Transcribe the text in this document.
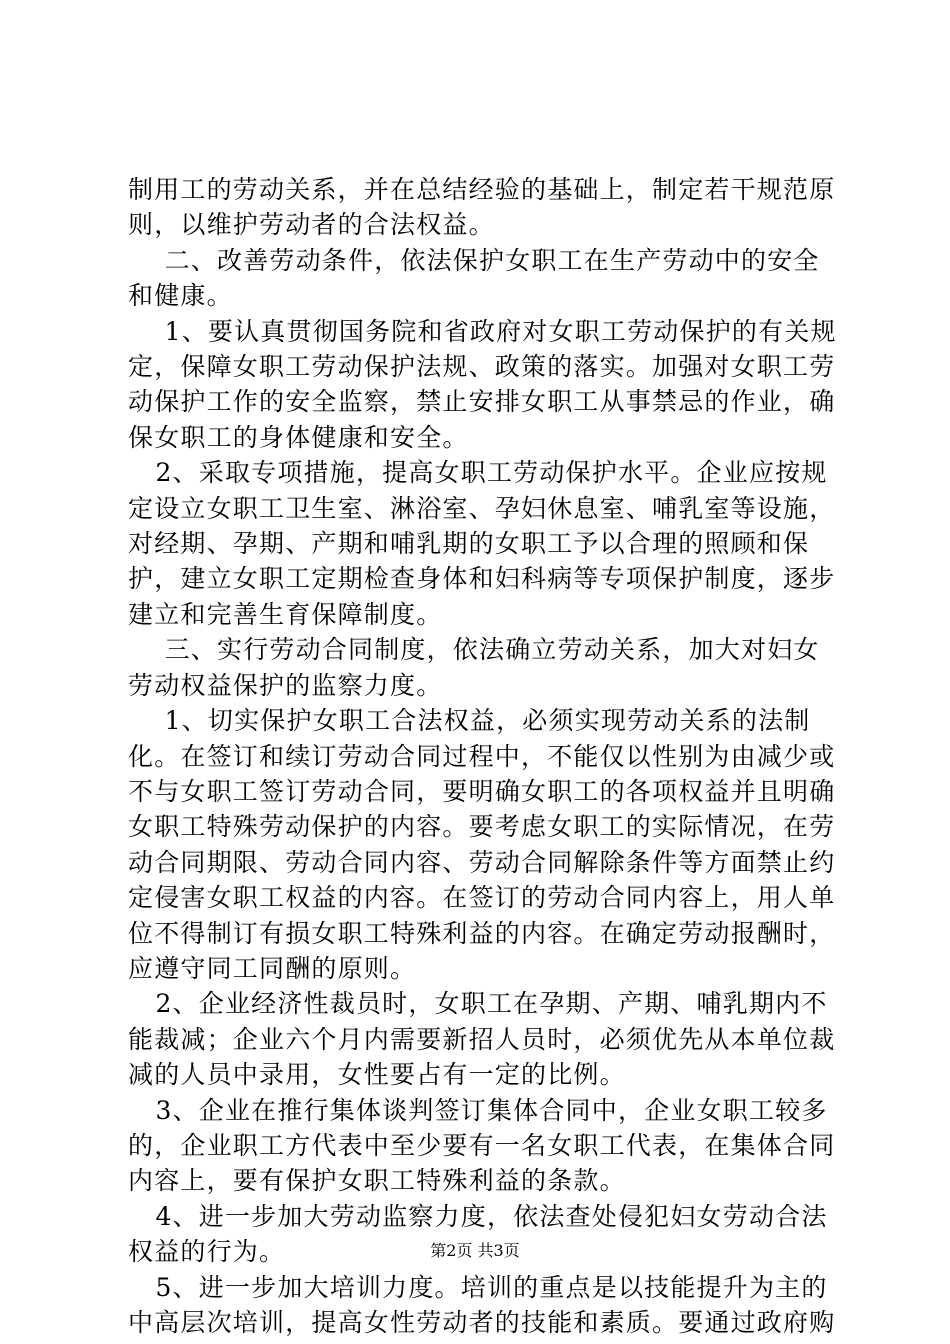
制用工的劳动关系，并在总结经验的基础上，制定若干规范原则，以维护劳动者的合法权益。

二、改善劳动条件，依法保护女职工在生产劳动中的安全和健康。

1、要认真贯彻国务院和省政府对女职工劳动保护的有关规定，保障女职工劳动保护法规、政策的落实。加强对女职工劳动保护工作的安全监察，禁止安排女职工从事禁忌的作业，确保女职工的身体健康和安全。

2、采取专项措施，提高女职工劳动保护水平。企业应按规定设立女职工卫生室、淋浴室、孕妇休息室、哺乳室等设施，对经期、孕期、产期和哺乳期的女职工予以合理的照顾和保护，建立女职工定期检查身体和妇科病等专项保护制度，逐步建立和完善生育保障制度。

三、实行劳动合同制度，依法确立劳动关系，加大对妇女劳动权益保护的监察力度。

1、切实保护女职工合法权益，必须实现劳动关系的法制化。在签订和续订劳动合同过程中，不能仅以性别为由减少或不与女职工签订劳动合同，要明确女职工的各项权益并且明确女职工特殊劳动保护的内容。要考虑女职工的实际情况，在劳动合同期限、劳动合同内容、劳动合同解除条件等方面禁止约定侵害女职工权益的内容。在签订的劳动合同内容上，用人单位不得制订有损女职工特殊利益的内容。在确定劳动报酬时，应遵守同工同酬的原则。

2、企业经济性裁员时，女职工在孕期、产期、哺乳期内不能裁减；企业六个月内需要新招人员时，必须优先从本单位裁减的人员中录用，女性要占有一定的比例。

3、企业在推行集体谈判签订集体合同中，企业女职工较多的，企业职工方代表中至少要有一名女职工代表，在集体合同内容上，要有保护女职工特殊利益的条款。

4、进一步加大劳动监察力度，依法查处侵犯妇女劳动合法权益的行为。

5、进一步加大培训力度。培训的重点是以技能提升为主的中高层次培训，提高女性劳动者的技能和素质。要通过政府购

第2页 共3页
